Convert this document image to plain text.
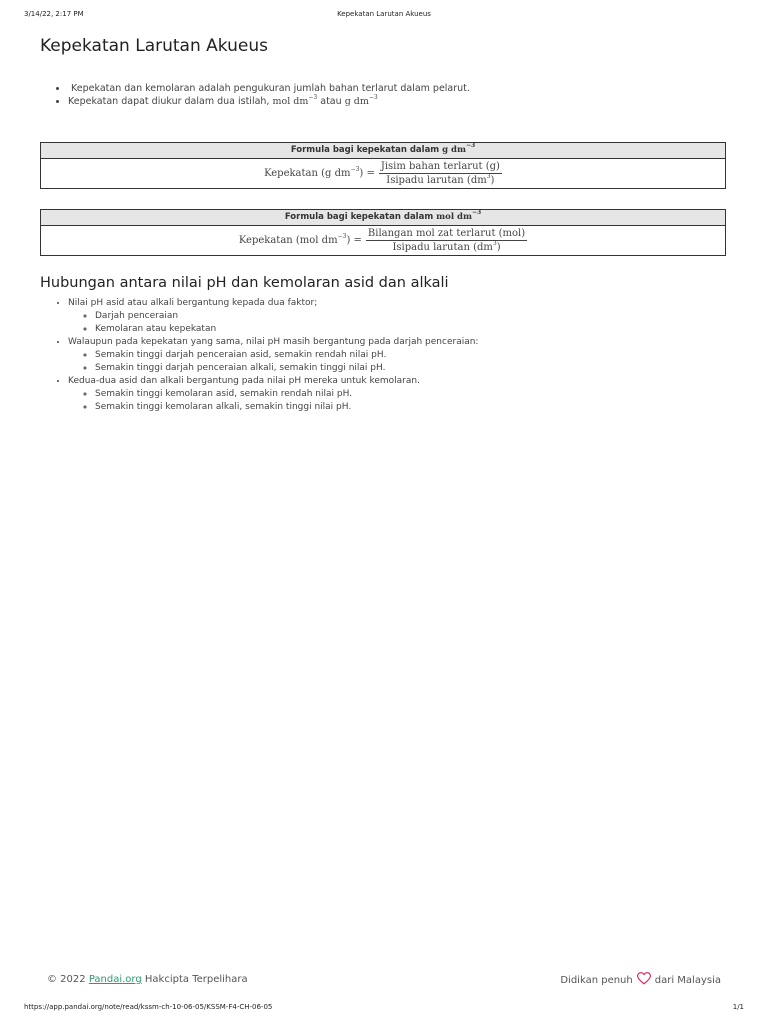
3/14/22, 2:17 PM	Kepekatan Larutan Akueus
Kepekatan Larutan Akueus
• Kepekatan dan kemolaran adalah pengukuran jumlah bahan terlarut dalam pelarut.
• Kepekatan dapat diukur dalam dua istilah, mol $dm^{-3}$ atau g $dm^{-3}$
Formula bagi kepekatan dalam g $dm^{-3}$
Kepekatan (g $dm^{-3}) = \frac{\text{Jisim bahan terlarut (g)}}{Isipadu larutan (dm^3)}$
Formula bagi kepekatan dalam mol $dm^{-3}$
Kepekatan (mol $dm^{-3}) = \frac{\text{Bilangan mol zat terlarut (mol)}}{Isipadu larutan (dm^3)}$
Hubungan antara nilai pH dan kemolaran asid dan alkali
• Nilai pH asid atau alkali bergantung kepada dua faktor;
◦ Darjah penceraian
◦ Kemolaran atau kepekatan
• Walaupun pada kepekatan yang sama, nilai pH masih bergantung pada darjah penceraian:
◦ Semakin tinggi darjah penceraian asid, semakin rendah nilai pH.
◦ Semakin tinggi darjah penceraian alkali, semakin tinggi nilai pH.
• Kedua-dua asid dan alkali bergantung pada nilai pH mereka untuk kemolaran.
◦ Semakin tinggi kemolaran asid, semakin rendah nilai pH.
◦ Semakin tinggi kemolaran alkali, semakin tinggi nilai pH.
© 2022 Pandai.org Hakcipta Terpelihara	Didikan penuh dari Malaysia
https://app.pandai.org/note/read/kssm-ch-10-06-05/KSSM-F4-CH-06-05	1/1
